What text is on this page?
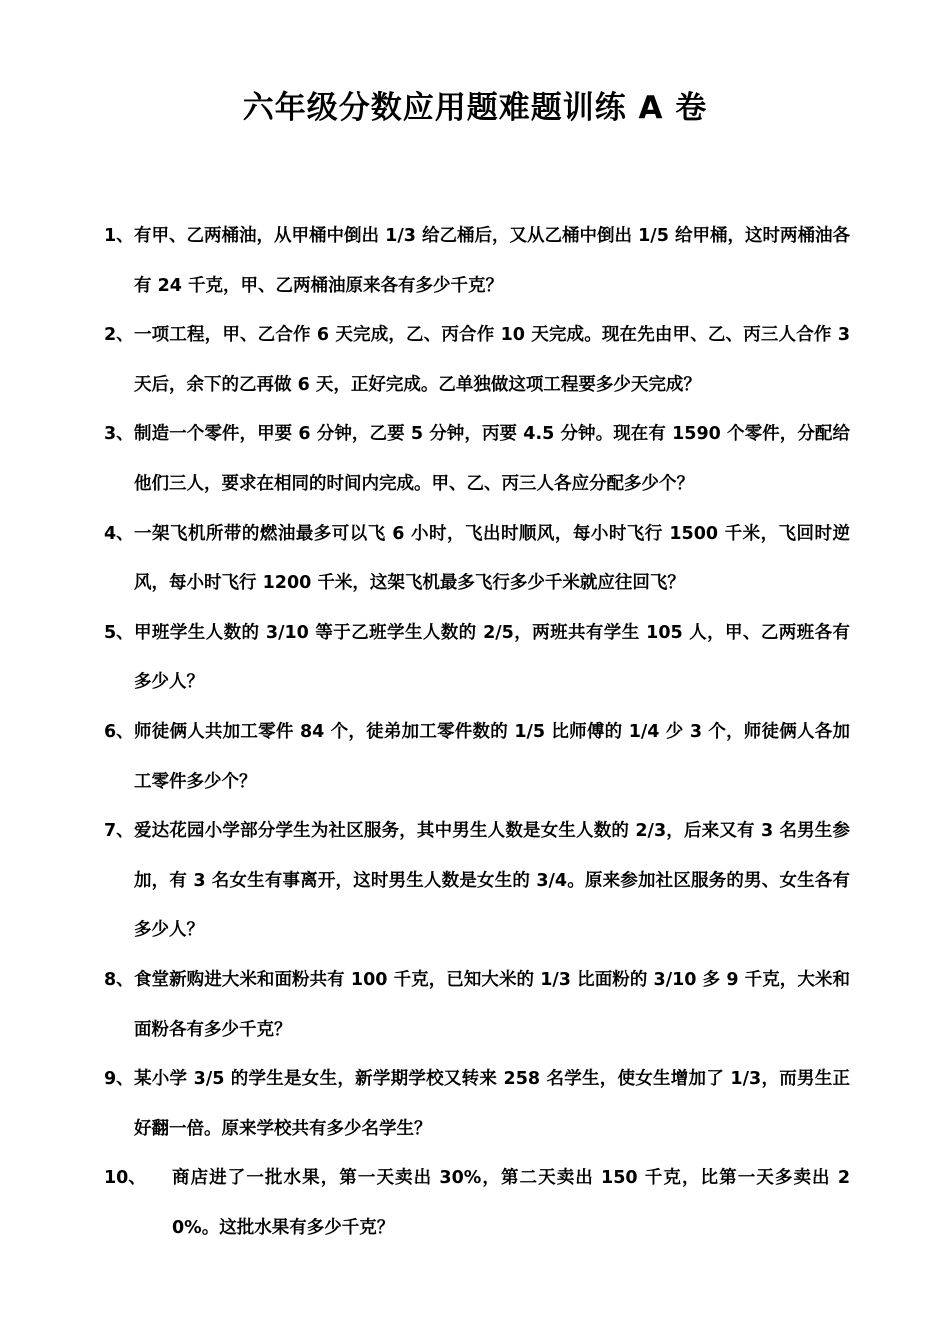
六年级分数应用题难题训练 A 卷
1、 有甲、乙两桶油，从甲桶中倒出 1/3 给乙桶后，又从乙桶中倒出 1/5 给甲桶，这时两桶油各有 24 千克，甲、乙两桶油原来各有多少千克？
2、 一项工程，甲、乙合作 6 天完成，乙、丙合作 10 天完成。现在先由甲、乙、丙三人合作 3 天后，余下的乙再做 6 天，正好完成。乙单独做这项工程要多少天完成？
3、 制造一个零件，甲要 6 分钟，乙要 5 分钟，丙要 4.5 分钟。现在有 1590 个零件，分配给他们三人，要求在相同的时间内完成。甲、乙、丙三人各应分配多少个？
4、 一架飞机所带的燃油最多可以飞 6 小时，飞出时顺风，每小时飞行 1500 千米，飞回时逆风，每小时飞行 1200 千米，这架飞机最多飞行多少千米就应往回飞？
5、 甲班学生人数的 3/10 等于乙班学生人数的 2/5，两班共有学生 105 人，甲、乙两班各有多少人？
6、 师徒俩人共加工零件 84 个，徒弟加工零件数的 1/5 比师傅的 1/4 少 3 个，师徒俩人各加工零件多少个？
7、 爱达花园小学部分学生为社区服务，其中男生人数是女生人数的 2/3，后来又有 3 名男生参加，有 3 名女生有事离开，这时男生人数是女生的 3/4。原来参加社区服务的男、女生各有多少人？
8、 食堂新购进大米和面粉共有 100 千克，已知大米的 1/3 比面粉的 3/10 多 9 千克，大米和面粉各有多少千克？
9、 某小学 3/5 的学生是女生，新学期学校又转来 258 名学生，使女生增加了 1/3，而男生正好翻一倍。原来学校共有多少名学生？
10、 商店进了一批水果，第一天卖出 30%，第二天卖出 150 千克，比第一天多卖出 20%。这批水果有多少千克？
